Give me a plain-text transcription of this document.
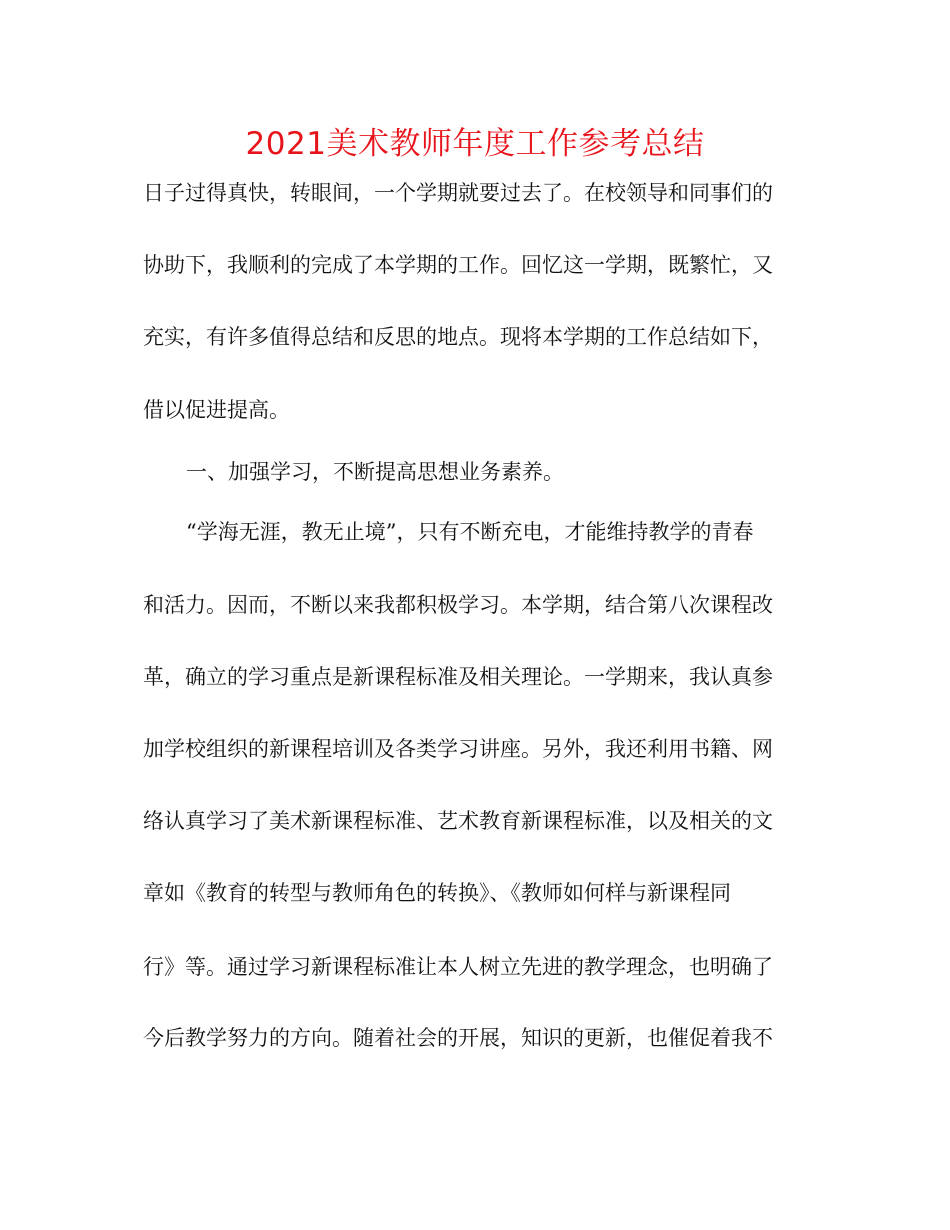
2021美术教师年度工作参考总结
日子过得真快，转眼间，一个学期就要过去了。在校领导和同事们的
协助下，我顺利的完成了本学期的工作。回忆这一学期，既繁忙，又
充实，有许多值得总结和反思的地点。现将本学期的工作总结如下，
借以促进提高。
一、加强学习，不断提高思想业务素养。
“学海无涯，教无止境”，只有不断充电，才能维持教学的青春
和活力。因而，不断以来我都积极学习。本学期，结合第八次课程改
革，确立的学习重点是新课程标准及相关理论。一学期来，我认真参
加学校组织的新课程培训及各类学习讲座。另外，我还利用书籍、网
络认真学习了美术新课程标准、艺术教育新课程标准，以及相关的文
章如《教育的转型与教师角色的转换》、《教师如何样与新课程同
行》等。通过学习新课程标准让本人树立先进的教学理念，也明确了
今后教学努力的方向。随着社会的开展，知识的更新，也催促着我不
